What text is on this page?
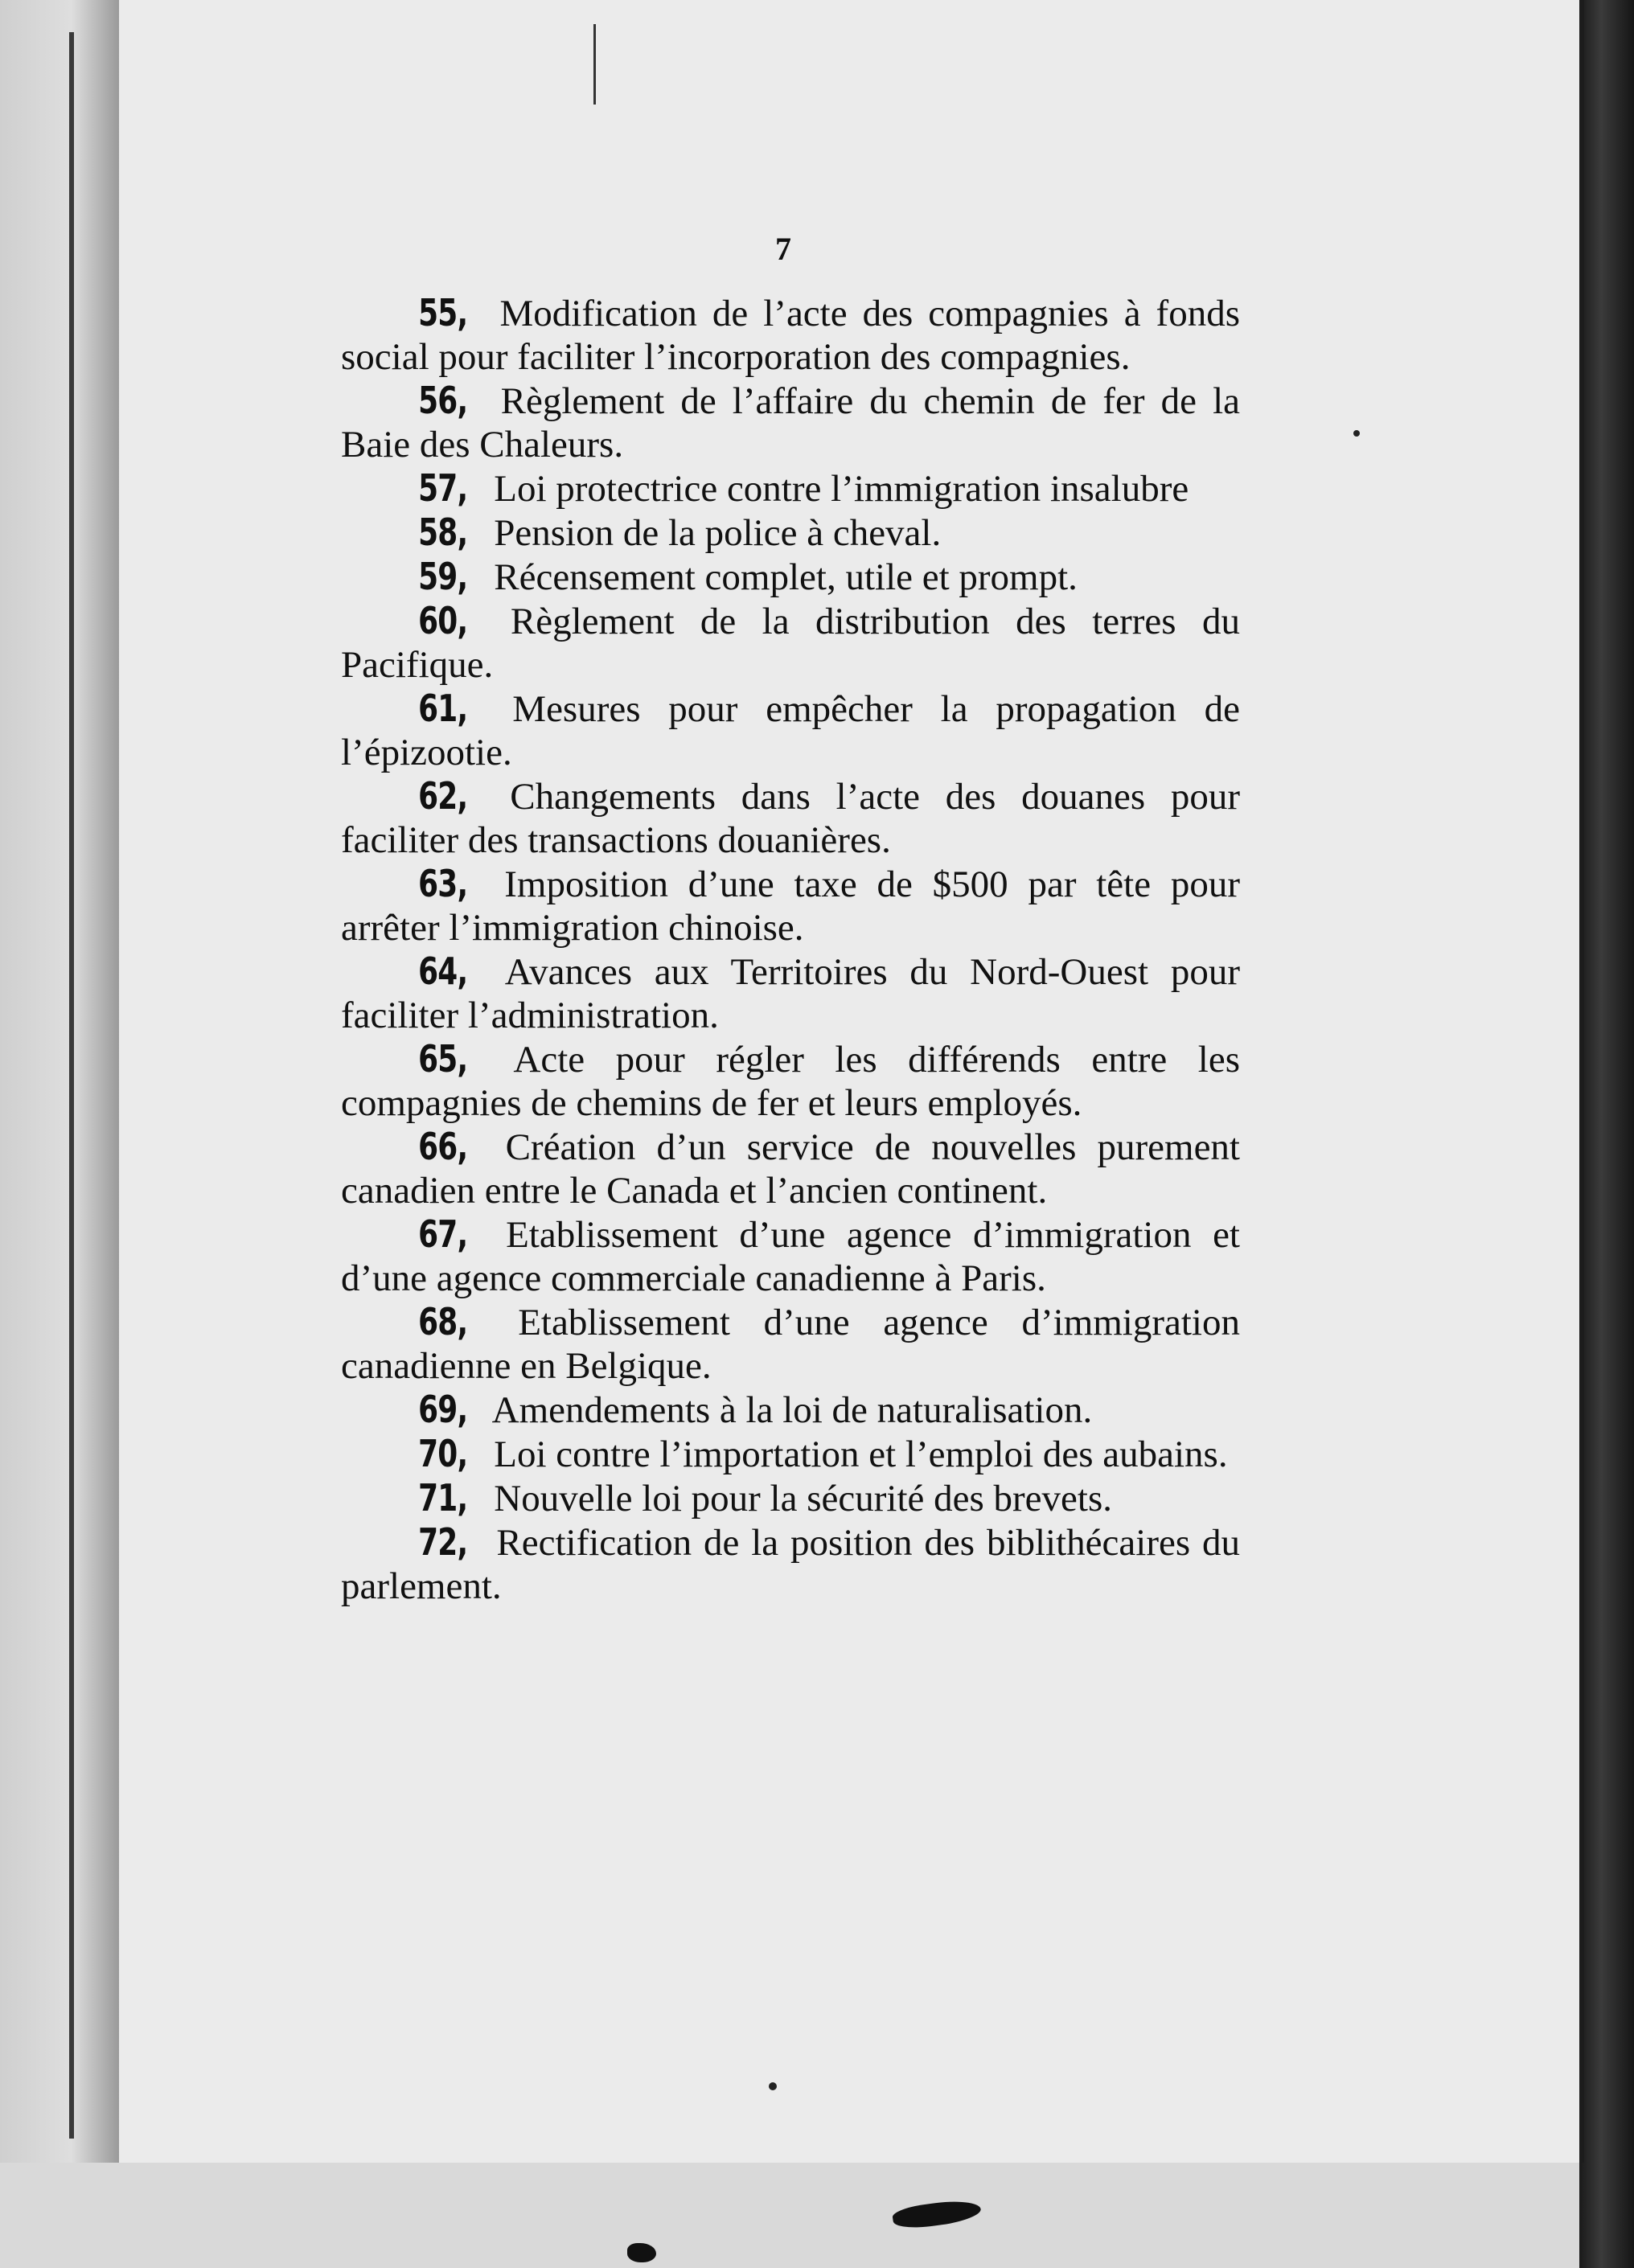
7
55, Modification de l’acte des compagnies à fonds social pour faciliter l’incorporation des compagnies.
56, Règlement de l’affaire du chemin de fer de la Baie des Chaleurs.
57, Loi protectrice contre l’immigration insalubre
58, Pension de la police à cheval.
59, Récensement complet, utile et prompt.
60, Règlement de la distribution des terres du Pacifique.
61, Mesures pour empêcher la propagation de l’épizootie.
62, Changements dans l’acte des douanes pour faciliter des transactions douanières.
63, Imposition d’une taxe de $500 par tête pour arrêter l’immigration chinoise.
64, Avances aux Territoires du Nord-Ouest pour faciliter l’administration.
65, Acte pour régler les différends entre les compagnies de chemins de fer et leurs employés.
66, Création d’un service de nouvelles purement canadien entre le Canada et l’ancien continent.
67, Etablissement d’une agence d’immigration et d’une agence commerciale canadienne à Paris.
68, Etablissement d’une agence d’immigration canadienne en Belgique.
69, Amendements à la loi de naturalisation.
70, Loi contre l’importation et l’emploi des aubains.
71, Nouvelle loi pour la sécurité des brevets.
72, Rectification de la position des biblithécaires du parlement.
